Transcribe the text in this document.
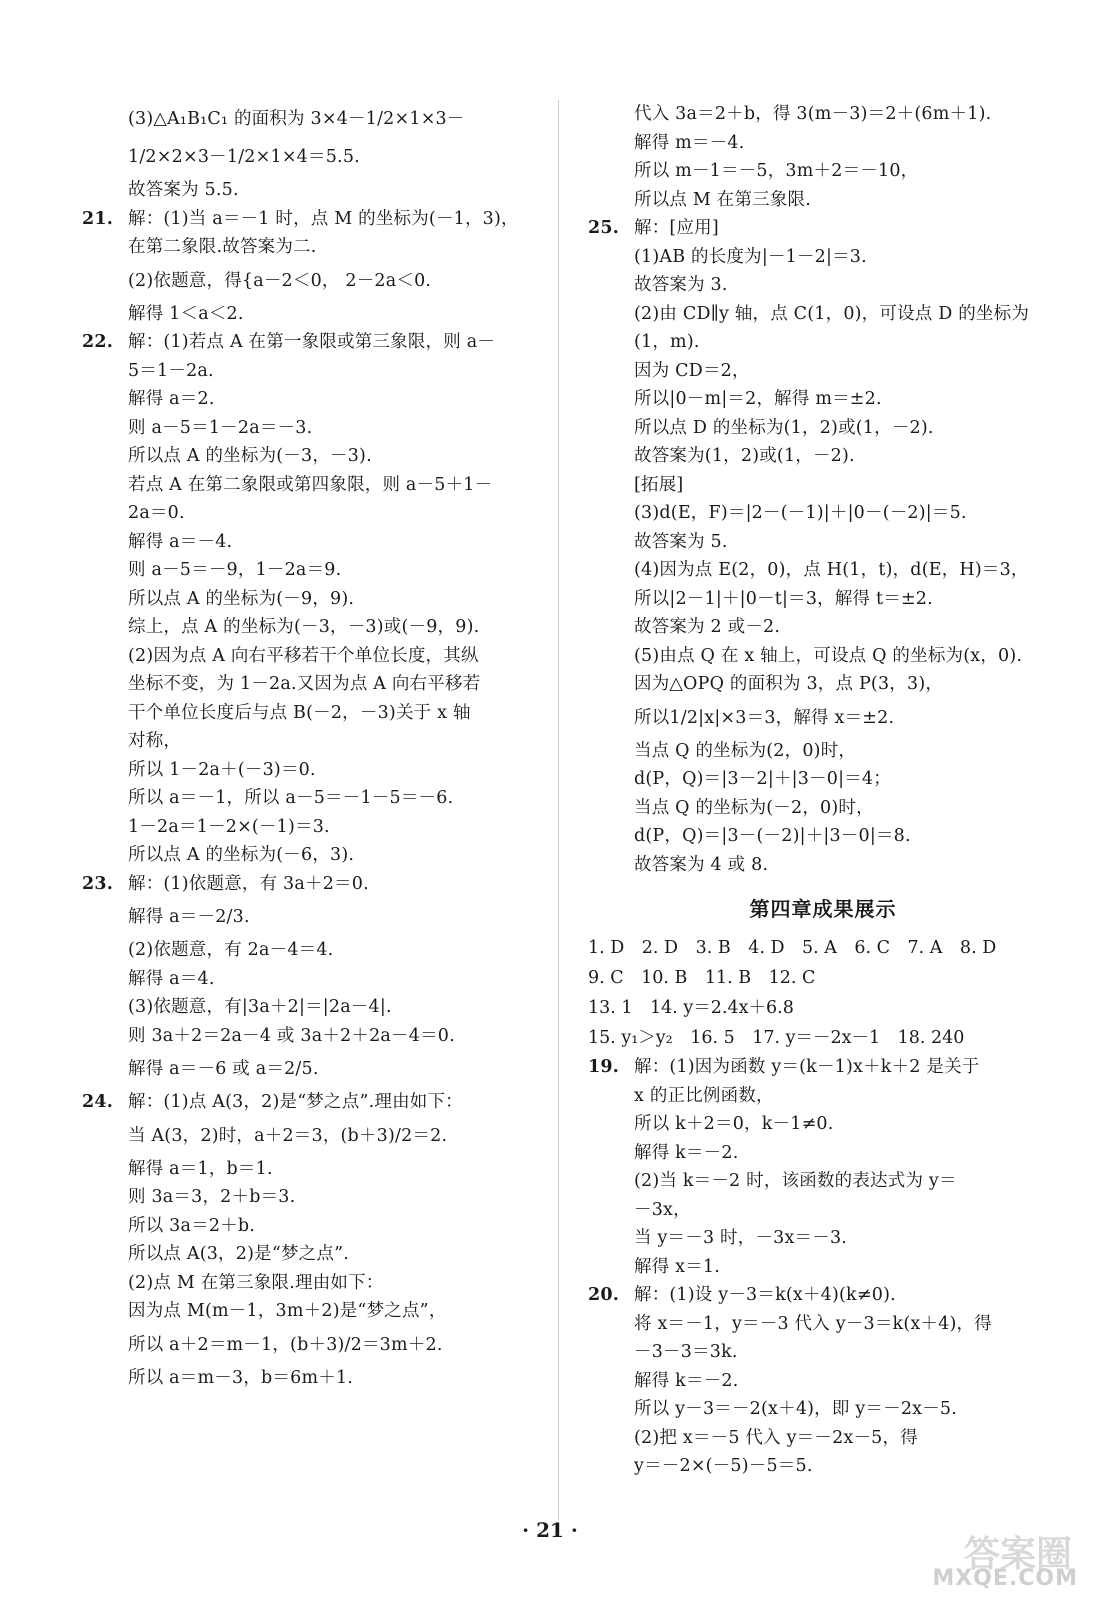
(3)△A₁B₁C₁ 的面积为 3×4－1/2×1×3－
1/2×2×3－1/2×1×4＝5.5.
故答案为 5.5.
21. 解：(1)当 a＝－1 时，点 M 的坐标为(－1，3)，
在第二象限.故答案为二.
(2)依题意，得{a－2＜0， 2－2a＜0.
解得 1＜a＜2.
22. 解：(1)若点 A 在第一象限或第三象限，则 a－
5＝1－2a.
解得 a＝2.
则 a－5＝1－2a＝－3.
所以点 A 的坐标为(－3，－3).
若点 A 在第二象限或第四象限，则 a－5＋1－
2a＝0.
解得 a＝－4.
则 a－5＝－9，1－2a＝9.
所以点 A 的坐标为(－9，9).
综上，点 A 的坐标为(－3，－3)或(－9，9).
(2)因为点 A 向右平移若干个单位长度，其纵
坐标不变，为 1－2a.又因为点 A 向右平移若
干个单位长度后与点 B(－2，－3)关于 x 轴
对称，
所以 1－2a＋(－3)＝0.
所以 a＝－1，所以 a－5＝－1－5＝－6.
1－2a＝1－2×(－1)＝3.
所以点 A 的坐标为(－6，3).
23. 解：(1)依题意，有 3a＋2＝0.
解得 a＝－2/3.
(2)依题意，有 2a－4＝4.
解得 a＝4.
(3)依题意，有|3a＋2|＝|2a－4|.
则 3a＋2＝2a－4 或 3a＋2＋2a－4＝0.
解得 a＝－6 或 a＝2/5.
24. 解：(1)点 A(3，2)是“梦之点”.理由如下：
当 A(3，2)时，a＋2＝3，(b＋3)/2＝2.
解得 a＝1，b＝1.
则 3a＝3，2＋b＝3.
所以 3a＝2＋b.
所以点 A(3，2)是“梦之点”.
(2)点 M 在第三象限.理由如下：
因为点 M(m－1，3m＋2)是“梦之点”，
所以 a＋2＝m－1，(b＋3)/2＝3m＋2.
所以 a＝m－3，b＝6m＋1.
代入 3a＝2＋b，得 3(m－3)＝2＋(6m＋1).
解得 m＝－4.
所以 m－1＝－5，3m＋2＝－10，
所以点 M 在第三象限.
25. 解：[应用]
(1)AB 的长度为|－1－2|＝3.
故答案为 3.
(2)由 CD∥y 轴，点 C(1，0)，可设点 D 的坐标为
(1，m).
因为 CD＝2，
所以|0－m|＝2，解得 m＝±2.
所以点 D 的坐标为(1，2)或(1，－2).
故答案为(1，2)或(1，－2).
[拓展]
(3)d(E，F)＝|2－(－1)|＋|0－(－2)|＝5.
故答案为 5.
(4)因为点 E(2，0)，点 H(1，t)，d(E，H)＝3，
所以|2－1|＋|0－t|＝3，解得 t＝±2.
故答案为 2 或－2.
(5)由点 Q 在 x 轴上，可设点 Q 的坐标为(x，0).
因为△OPQ 的面积为 3，点 P(3，3)，
所以1/2|x|×3＝3，解得 x＝±2.
当点 Q 的坐标为(2，0)时，
d(P，Q)＝|3－2|＋|3－0|＝4；
当点 Q 的坐标为(－2，0)时，
d(P，Q)＝|3－(－2)|＋|3－0|＝8.
故答案为 4 或 8.
第四章成果展示
1. D　2. D　3. B　4. D　5. A　6. C　7. A　8. D
9. C　10. B　11. B　12. C
13. 1　14. y＝2.4x＋6.8
15. y₁＞y₂　16. 5　17. y＝－2x－1　18. 240
19. 解：(1)因为函数 y＝(k－1)x＋k＋2 是关于
x 的正比例函数，
所以 k＋2＝0，k－1≠0.
解得 k＝－2.
(2)当 k＝－2 时，该函数的表达式为 y＝
－3x，
当 y＝－3 时，－3x＝－3.
解得 x＝1.
20. 解：(1)设 y－3＝k(x＋4)(k≠0).
将 x＝－1，y＝－3 代入 y－3＝k(x＋4)，得
－3－3＝3k.
解得 k＝－2.
所以 y－3＝－2(x＋4)，即 y＝－2x－5.
(2)把 x＝－5 代入 y＝－2x－5，得
y＝－2×(－5)－5＝5.
· 21 ·
答案圈
MXQE.COM
